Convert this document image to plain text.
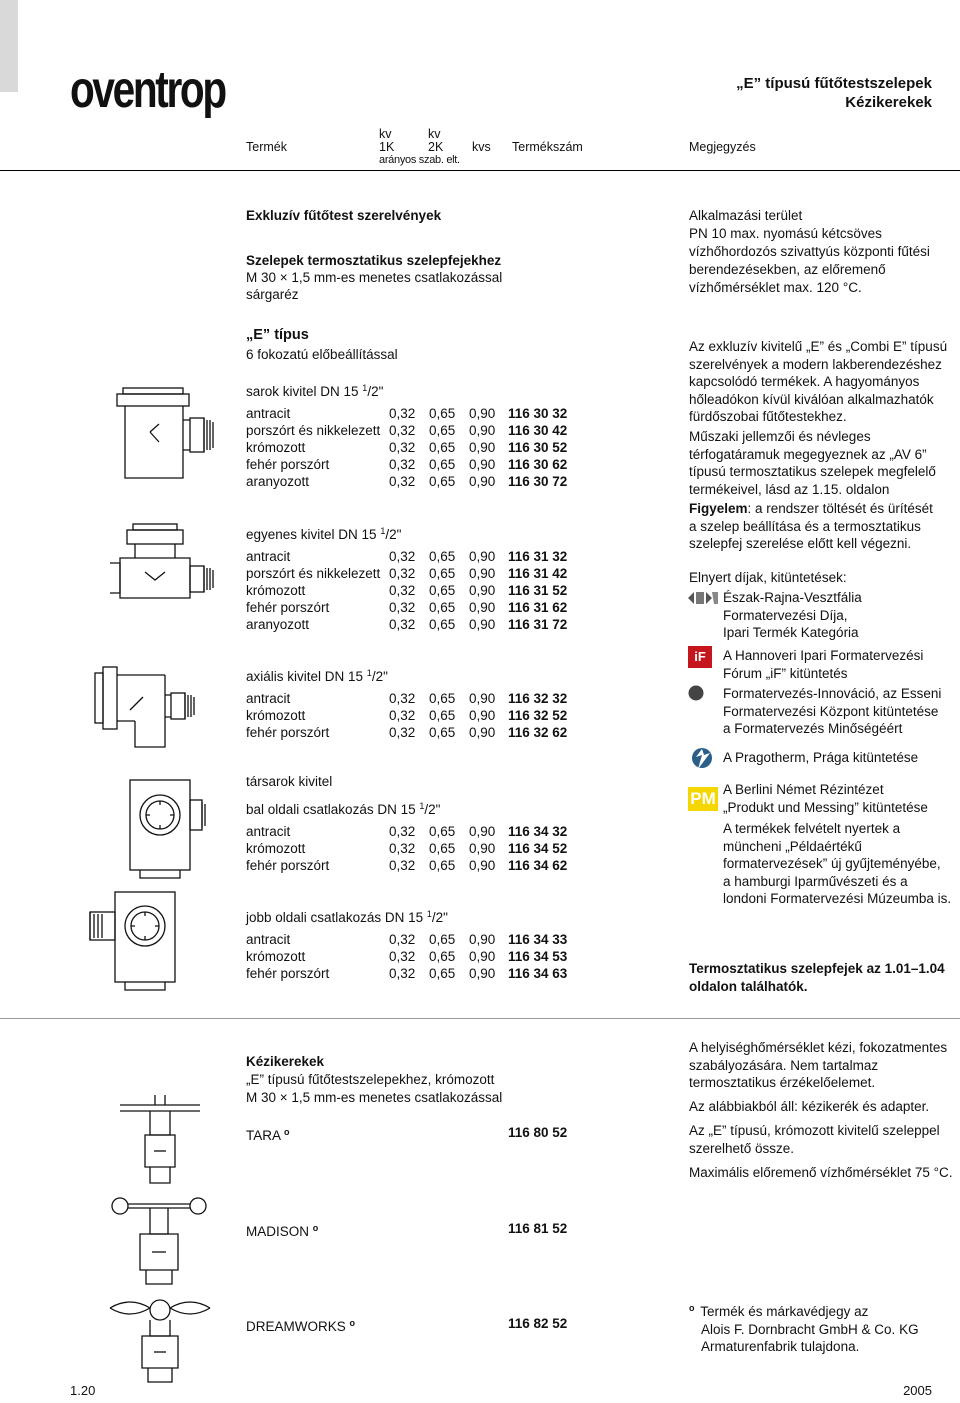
oventrop	„E” típusú fűtőtestszelepek
Kézikerekek
Termék
kv	kv
1K	2K kvs
arányos szab. elt.
Termékszám	Megjegyzés
Exkluzív fűtőtest szerelvények
Szelepek termosztatikus szelepfejekhez
M 30 × 1,5 mm-es menetes csatlakozással
sárgaréz
Alkalmazási terület
PN 10 max. nyomású kétcsöves
vízhőhordozós szivattyús központi fűtési
berendezésekben, az előremenő
vízhőmérséklet max. 120 °C.
„E” típus
6 fokozatú előbeállítással
sarok kivitel DN 15 $^1$/2"
antracit	0,32 0,65 0,90 116 30 32
porszórt és nikkelezett 0,32 0,65 0,90 116 30 42
krómozott	0,32 0,65 0,90 116 30 52
fehér porszórt	0,32 0,65 0,90 116 30 62
aranyozott	0,32 0,65 0,90 116 30 72
egyenes kivitel DN 15 $^1$/2"
antracit	0,32 0,65 0,90 116 31 32
porszórt és nikkelezett 0,32 0,65 0,90 116 31 42
krómozott	0,32 0,65 0,90 116 31 52
fehér porszórt	0,32 0,65 0,90 116 31 62
aranyozott	0,32 0,65 0,90 116 31 72
axiális kivitel DN 15 $^1$/2"
antracit	0,32 0,65 0,90 116 32 32
krómozott	0,32 0,65 0,90 116 32 52
fehér porszórt	0,32 0,65 0,90 116 32 62
társarok kivitel
bal oldali csatlakozás DN 15 $^1$/2"
antracit	0,32 0,65 0,90 116 34 32
krómozott	0,32 0,65 0,90 116 34 52
fehér porszórt	0,32 0,65 0,90 116 34 62
jobb oldali csatlakozás DN 15 $^1$/2"
antracit	0,32 0,65 0,90 116 34 33
krómozott	0,32 0,65 0,90 116 34 53
fehér porszórt	0,32 0,65 0,90 116 34 63
Az exkluzív kivitelű „E” és „Combi E” típusú
szerelvények a modern lakberendezéshez
kapcsolódó termékek. A hagyományos
hőleadókon kívül kiválóan alkalmazhatók
fürdőszobai fűtőtestekhez.
Műszaki jellemzői és névleges
térfogatáramuk megegyeznek az „AV 6”
típusú termosztatikus szelepek megfelelő
termékeivel, lásd az 1.15. oldalon
Figyelem: a rendszer töltését és ürítését
a szelep beállítása és a termosztatikus
szelepfej szerelése előtt kell végezni.
Elnyert díjak, kitüntetések:
iF
PM
Észak-Rajna-Vesztfália
Formatervezési Díja,
Ipari Termék Kategória
A Hannoveri Ipari Formatervezési
Fórum „iF” kitüntetés
Formatervezés-Innováció, az Esseni
Formatervezési Központ kitüntetése
a Formatervezés Minőségéért
A Pragotherm, Prága kitüntetése
A Berlini Német Rézintézet
„Produkt und Messing” kitüntetése
A termékek felvételt nyertek a
müncheni „Példaértékű
formatervezések” új gyűjteményébe,
a hamburgi Iparművészeti és a
londoni Formatervezési Múzeumba is.
Termosztatikus szelepfejek az 1.01–1.04
oldalon találhatók.
Kézikerekek
„E” típusú fűtőtestszelepekhez, krómozott
M 30 × 1,5 mm-es menetes csatlakozással
TARA $^o$	116 80 52
MADISON $^o$	116 81 52
DREAMWORKS $^o$	116 82 52
A helyiséghőmérséklet kézi, fokozatmentes
szabályozására. Nem tartalmaz
termosztatikus érzékelőelemet.
Az alábbiakból áll: kézikerék és adapter.
Az „E” típusú, krómozott kivitelű szeleppel
szerelhető össze.
Maximális előremenő vízhőmérséklet 75 °C.
$^o$ Termék és márkavédjegy az
Alois F. Dornbracht GmbH & Co. KG
Armaturenfabrik tulajdona.
1.20	2005
